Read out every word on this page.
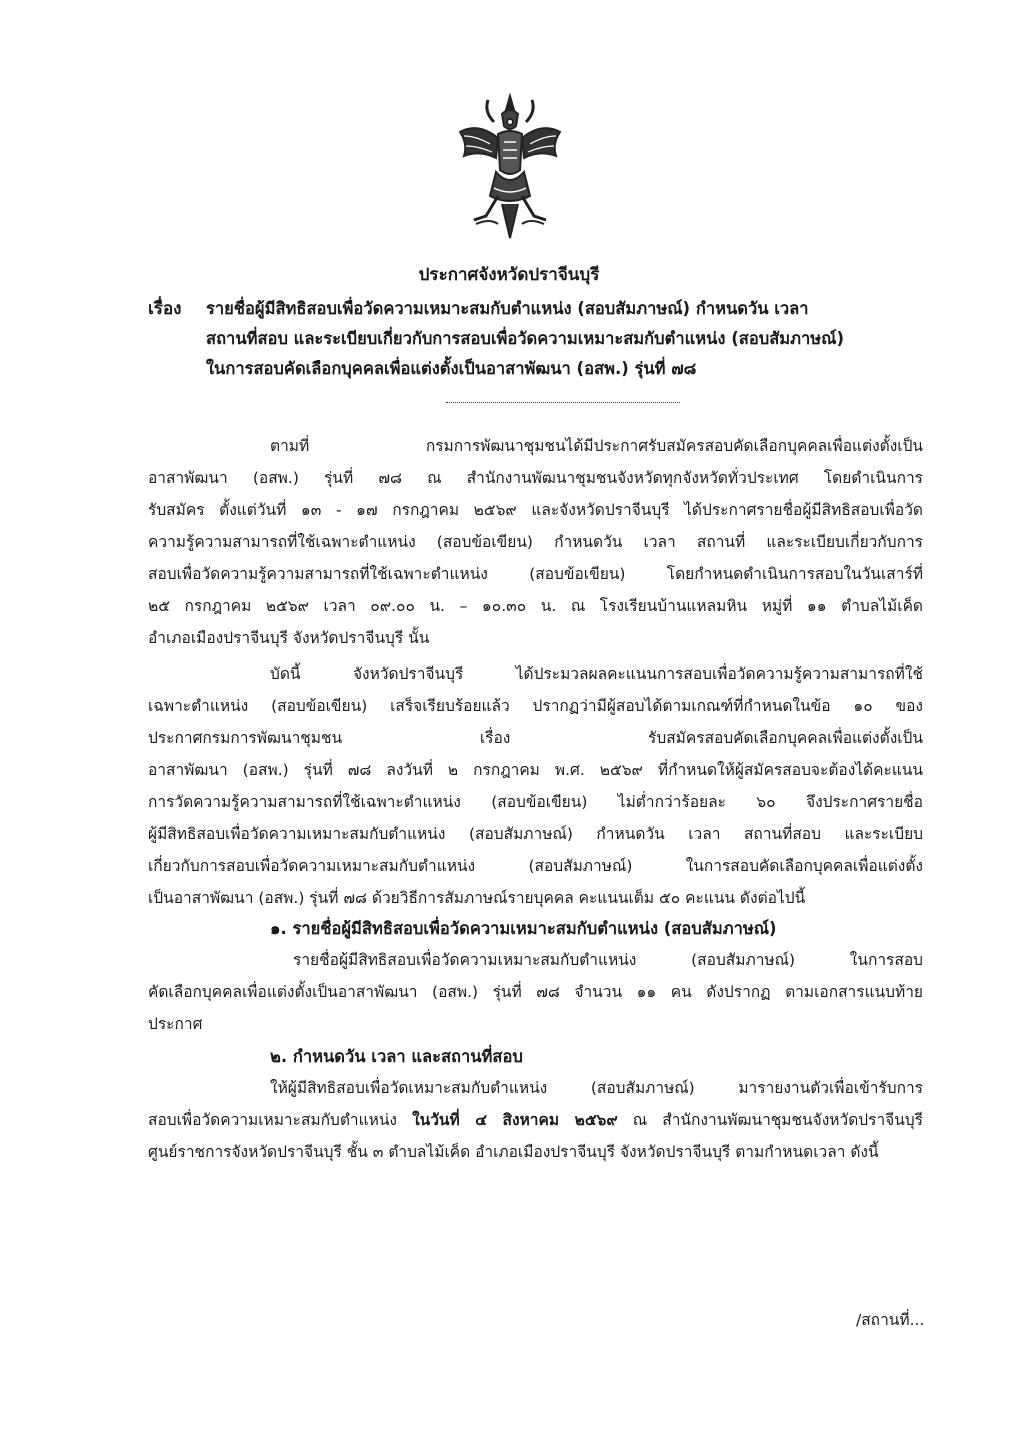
ประกาศจังหวัดปราจีนบุรี
เรื่อง รายชื่อผู้มีสิทธิสอบเพื่อวัดความเหมาะสมกับตำแหน่ง (สอบสัมภาษณ์) กำหนดวัน เวลา
สถานที่สอบ และระเบียบเกี่ยวกับการสอบเพื่อวัดความเหมาะสมกับตำแหน่ง (สอบสัมภาษณ์)
ในการสอบคัดเลือกบุคคลเพื่อแต่งตั้งเป็นอาสาพัฒนา (อสพ.) รุ่นที่ ๗๘
ตามที่ กรมการพัฒนาชุมชนได้มีประกาศรับสมัครสอบคัดเลือกบุคคลเพื่อแต่งตั้งเป็น
อาสาพัฒนา (อสพ.) รุ่นที่ ๗๘ ณ สำนักงานพัฒนาชุมชนจังหวัดทุกจังหวัดทั่วประเทศ โดยดำเนินการ
รับสมัคร ตั้งแต่วันที่ ๑๓ - ๑๗ กรกฎาคม ๒๕๖๙ และจังหวัดปราจีนบุรี ได้ประกาศรายชื่อผู้มีสิทธิสอบเพื่อวัด
ความรู้ความสามารถที่ใช้เฉพาะตำแหน่ง (สอบข้อเขียน) กำหนดวัน เวลา สถานที่ และระเบียบเกี่ยวกับการ
สอบเพื่อวัดความรู้ความสามารถที่ใช้เฉพาะตำแหน่ง (สอบข้อเขียน) โดยกำหนดดำเนินการสอบในวันเสาร์ที่
๒๕ กรกฎาคม ๒๕๖๙ เวลา ๐๙.๐๐ น. – ๑๐.๓๐ น. ณ โรงเรียนบ้านแหลมหิน หมู่ที่ ๑๑ ตำบลไม้เค็ด
อำเภอเมืองปราจีนบุรี จังหวัดปราจีนบุรี นั้น
บัดนี้ จังหวัดปราจีนบุรี ได้ประมวลผลคะแนนการสอบเพื่อวัดความรู้ความสามารถที่ใช้
เฉพาะตำแหน่ง (สอบข้อเขียน) เสร็จเรียบร้อยแล้ว ปรากฏว่ามีผู้สอบได้ตามเกณฑ์ที่กำหนดในข้อ ๑๐ ของ
ประกาศกรมการพัฒนาชุมชน เรื่อง รับสมัครสอบคัดเลือกบุคคลเพื่อแต่งตั้งเป็น
อาสาพัฒนา (อสพ.) รุ่นที่ ๗๘ ลงวันที่ ๒ กรกฎาคม พ.ศ. ๒๕๖๙ ที่กำหนดให้ผู้สมัครสอบจะต้องได้คะแนน
การวัดความรู้ความสามารถที่ใช้เฉพาะตำแหน่ง (สอบข้อเขียน) ไม่ต่ำกว่าร้อยละ ๖๐ จึงประกาศรายชื่อ
ผู้มีสิทธิสอบเพื่อวัดความเหมาะสมกับตำแหน่ง (สอบสัมภาษณ์) กำหนดวัน เวลา สถานที่สอบ และระเบียบ
เกี่ยวกับการสอบเพื่อวัดความเหมาะสมกับตำแหน่ง (สอบสัมภาษณ์) ในการสอบคัดเลือกบุคคลเพื่อแต่งตั้ง
เป็นอาสาพัฒนา (อสพ.) รุ่นที่ ๗๘ ด้วยวิธีการสัมภาษณ์รายบุคคล คะแนนเต็ม ๕๐ คะแนน ดังต่อไปนี้
๑. รายชื่อผู้มีสิทธิสอบเพื่อวัดความเหมาะสมกับตำแหน่ง (สอบสัมภาษณ์)
รายชื่อผู้มีสิทธิสอบเพื่อวัดความเหมาะสมกับตำแหน่ง (สอบสัมภาษณ์) ในการสอบ
คัดเลือกบุคคลเพื่อแต่งตั้งเป็นอาสาพัฒนา (อสพ.) รุ่นที่ ๗๘ จำนวน ๑๑ คน ดังปรากฏ ตามเอกสารแนบท้าย
ประกาศ
๒. กำหนดวัน เวลา และสถานที่สอบ
ให้ผู้มีสิทธิสอบเพื่อวัดเหมาะสมกับตำแหน่ง (สอบสัมภาษณ์) มารายงานตัวเพื่อเข้ารับการ
สอบเพื่อวัดความเหมาะสมกับตำแหน่ง ในวันที่ ๔ สิงหาคม ๒๕๖๙ ณ สำนักงานพัฒนาชุมชนจังหวัดปราจีนบุรี
ศูนย์ราชการจังหวัดปราจีนบุรี ชั้น ๓ ตำบลไม้เค็ด อำเภอเมืองปราจีนบุรี จังหวัดปราจีนบุรี ตามกำหนดเวลา ดังนี้
/สถานที่...
